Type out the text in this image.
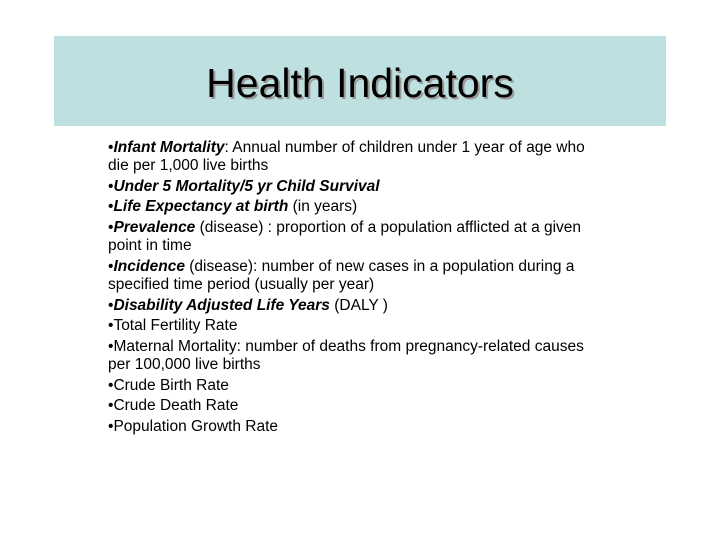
Health Indicators
•Infant Mortality: Annual number of children under 1 year of age who die per 1,000 live births
•Under 5 Mortality/5 yr Child Survival
•Life Expectancy at birth (in years)
•Prevalence (disease) : proportion of a population afflicted at a given point in time
•Incidence (disease): number of new cases in a population during a specified time period (usually per year)
•Disability Adjusted Life Years (DALY )
•Total Fertility Rate
•Maternal Mortality: number of deaths from pregnancy-related causes per 100,000 live births
•Crude Birth Rate
•Crude Death Rate
•Population Growth Rate
